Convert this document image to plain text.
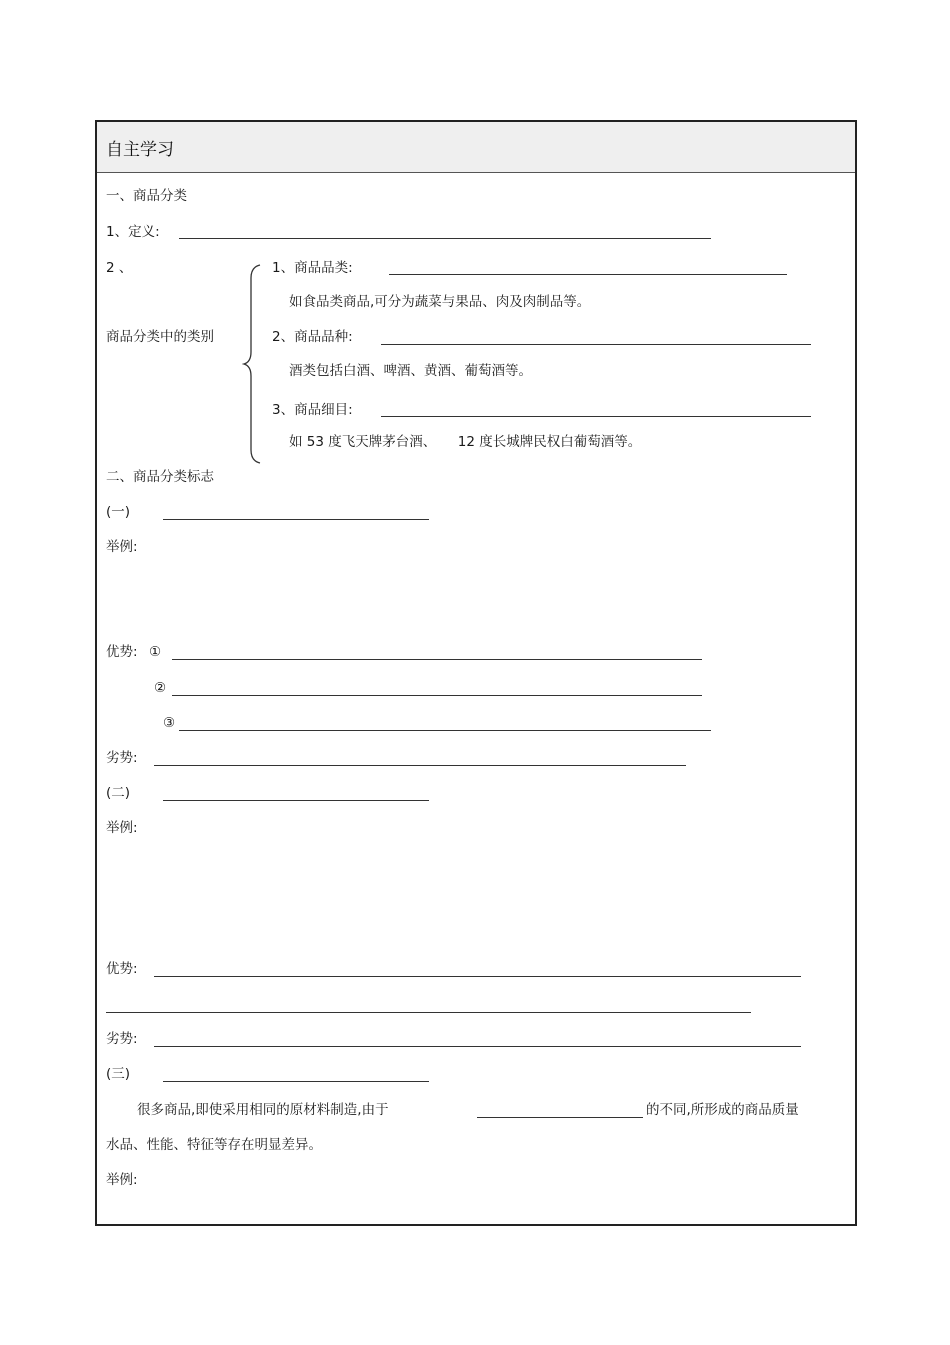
自主学习
一、商品分类
1、定义:
2 、
商品分类中的类别
1、商品品类:
如食品类商品,可分为蔬菜与果品、肉及肉制品等。
2、商品品种:
酒类包括白酒、啤酒、黄酒、葡萄酒等。
3、商品细目:
如 53 度飞天牌茅台酒、 12 度长城牌民权白葡萄酒等。
二、商品分类标志
(一)
举例:
优势: ①
②
③
劣势:
(二)
举例:
优势:
劣势:
(三)
很多商品,即使采用相同的原材料制造,由于	的不同,所形成的商品质量
水品、性能、特征等存在明显差异。
举例:
